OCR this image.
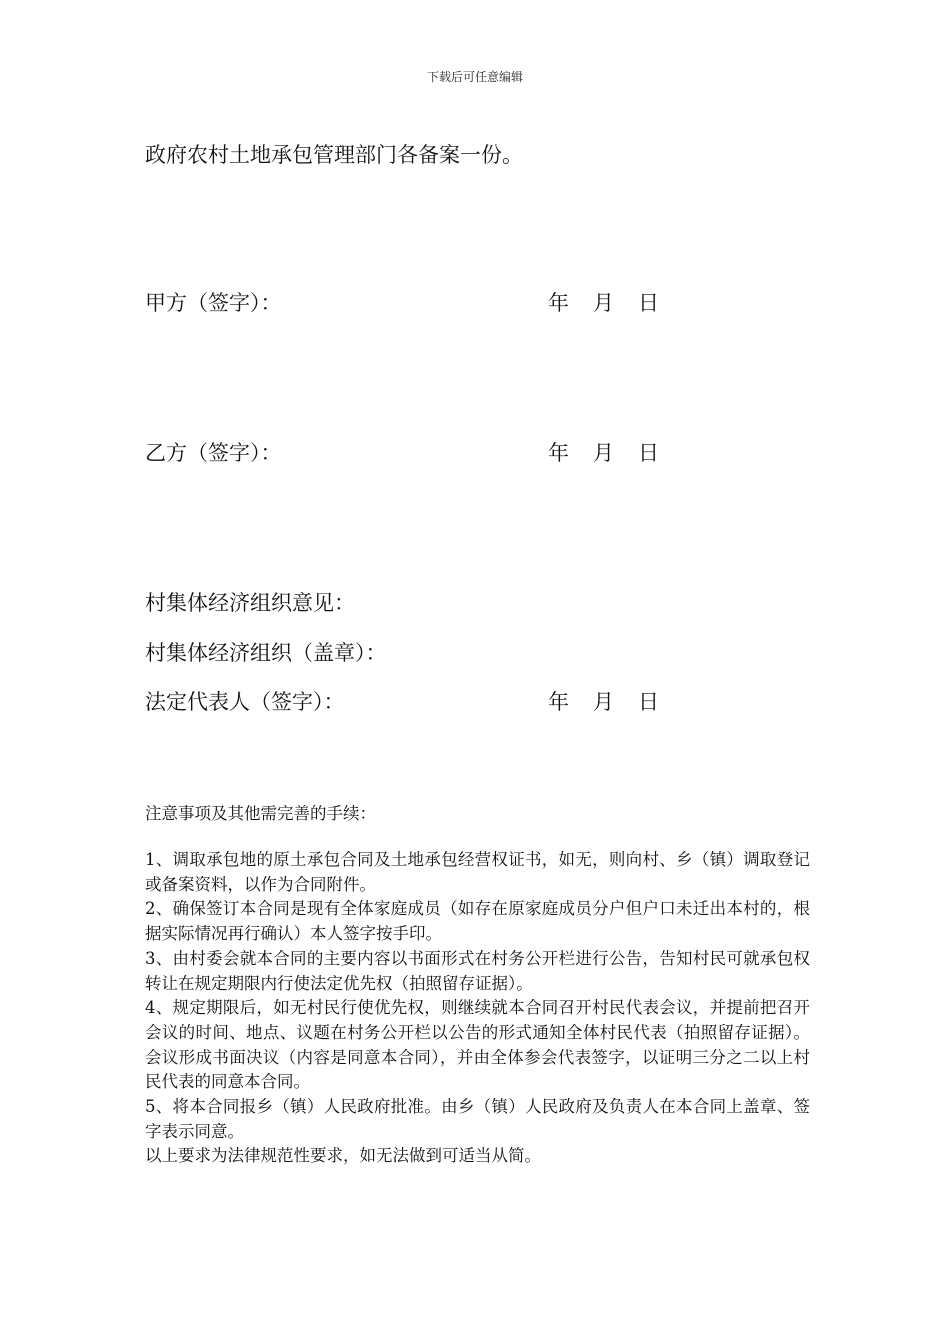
下载后可任意编辑
政府农村土地承包管理部门各备案一份。
甲方（签字）：	年 月 日
乙方（签字）：	年 月 日
村集体经济组织意见：
村集体经济组织（盖章）：
法定代表人（签字）：	年 月 日
注意事项及其他需完善的手续：

1、调取承包地的原土承包合同及土地承包经营权证书，如无，则向村、乡（镇）调取登记或备案资料，以作为合同附件。

2、确保签订本合同是现有全体家庭成员（如存在原家庭成员分户但户口未迁出本村的，根据实际情况再行确认）本人签字按手印。

3、由村委会就本合同的主要内容以书面形式在村务公开栏进行公告，告知村民可就承包权转让在规定期限内行使法定优先权（拍照留存证据）。

4、规定期限后，如无村民行使优先权，则继续就本合同召开村民代表会议，并提前把召开会议的时间、地点、议题在村务公开栏以公告的形式通知全体村民代表（拍照留存证据）。会议形成书面决议（内容是同意本合同），并由全体参会代表签字，以证明三分之二以上村民代表的同意本合同。

5、将本合同报乡（镇）人民政府批准。由乡（镇）人民政府及负责人在本合同上盖章、签字表示同意。

以上要求为法律规范性要求，如无法做到可适当从简。
